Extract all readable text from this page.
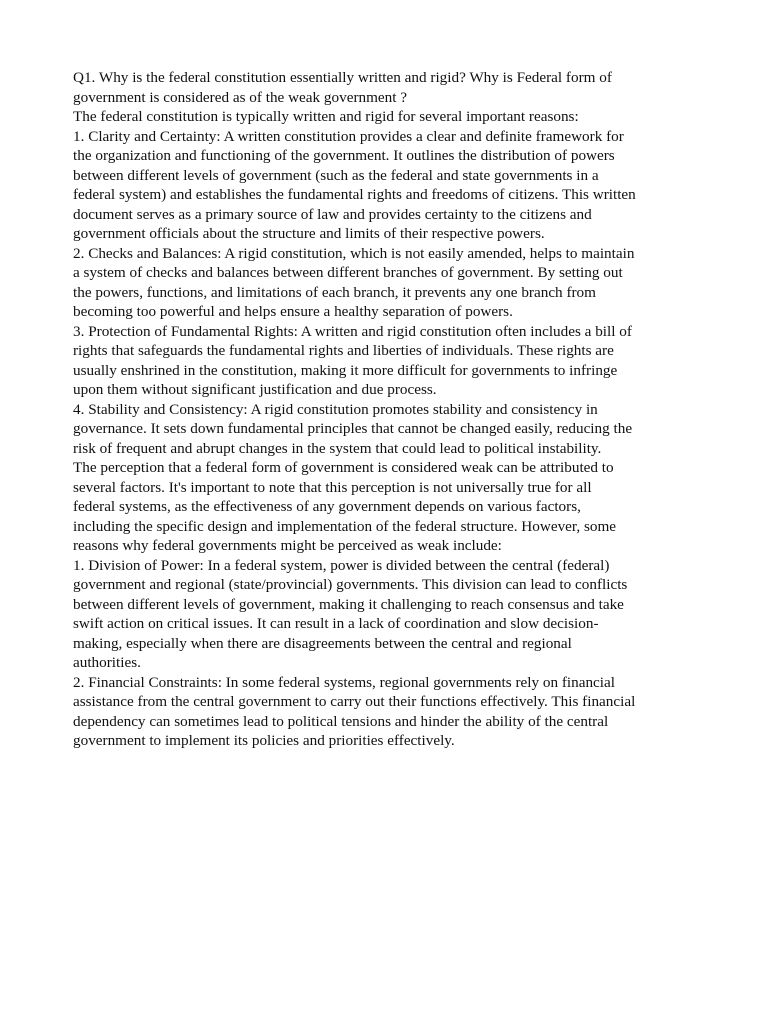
Q1. Why is the federal constitution essentially written and rigid? Why is Federal form of
government is considered as of the weak government ?

The federal constitution is typically written and rigid for several important reasons:

1. Clarity and Certainty: A written constitution provides a clear and definite framework for
the organization and functioning of the government. It outlines the distribution of powers
between different levels of government (such as the federal and state governments in a
federal system) and establishes the fundamental rights and freedoms of citizens. This written
document serves as a primary source of law and provides certainty to the citizens and
government officials about the structure and limits of their respective powers.

2. Checks and Balances: A rigid constitution, which is not easily amended, helps to maintain
a system of checks and balances between different branches of government. By setting out
the powers, functions, and limitations of each branch, it prevents any one branch from
becoming too powerful and helps ensure a healthy separation of powers.

3. Protection of Fundamental Rights: A written and rigid constitution often includes a bill of
rights that safeguards the fundamental rights and liberties of individuals. These rights are
usually enshrined in the constitution, making it more difficult for governments to infringe
upon them without significant justification and due process.

4. Stability and Consistency: A rigid constitution promotes stability and consistency in
governance. It sets down fundamental principles that cannot be changed easily, reducing the
risk of frequent and abrupt changes in the system that could lead to political instability.

The perception that a federal form of government is considered weak can be attributed to
several factors. It's important to note that this perception is not universally true for all
federal systems, as the effectiveness of any government depends on various factors,
including the specific design and implementation of the federal structure. However, some
reasons why federal governments might be perceived as weak include:

1. Division of Power: In a federal system, power is divided between the central (federal)
government and regional (state/provincial) governments. This division can lead to conflicts
between different levels of government, making it challenging to reach consensus and take
swift action on critical issues. It can result in a lack of coordination and slow decision-
making, especially when there are disagreements between the central and regional
authorities.

2. Financial Constraints: In some federal systems, regional governments rely on financial
assistance from the central government to carry out their functions effectively. This financial
dependency can sometimes lead to political tensions and hinder the ability of the central
government to implement its policies and priorities effectively.
